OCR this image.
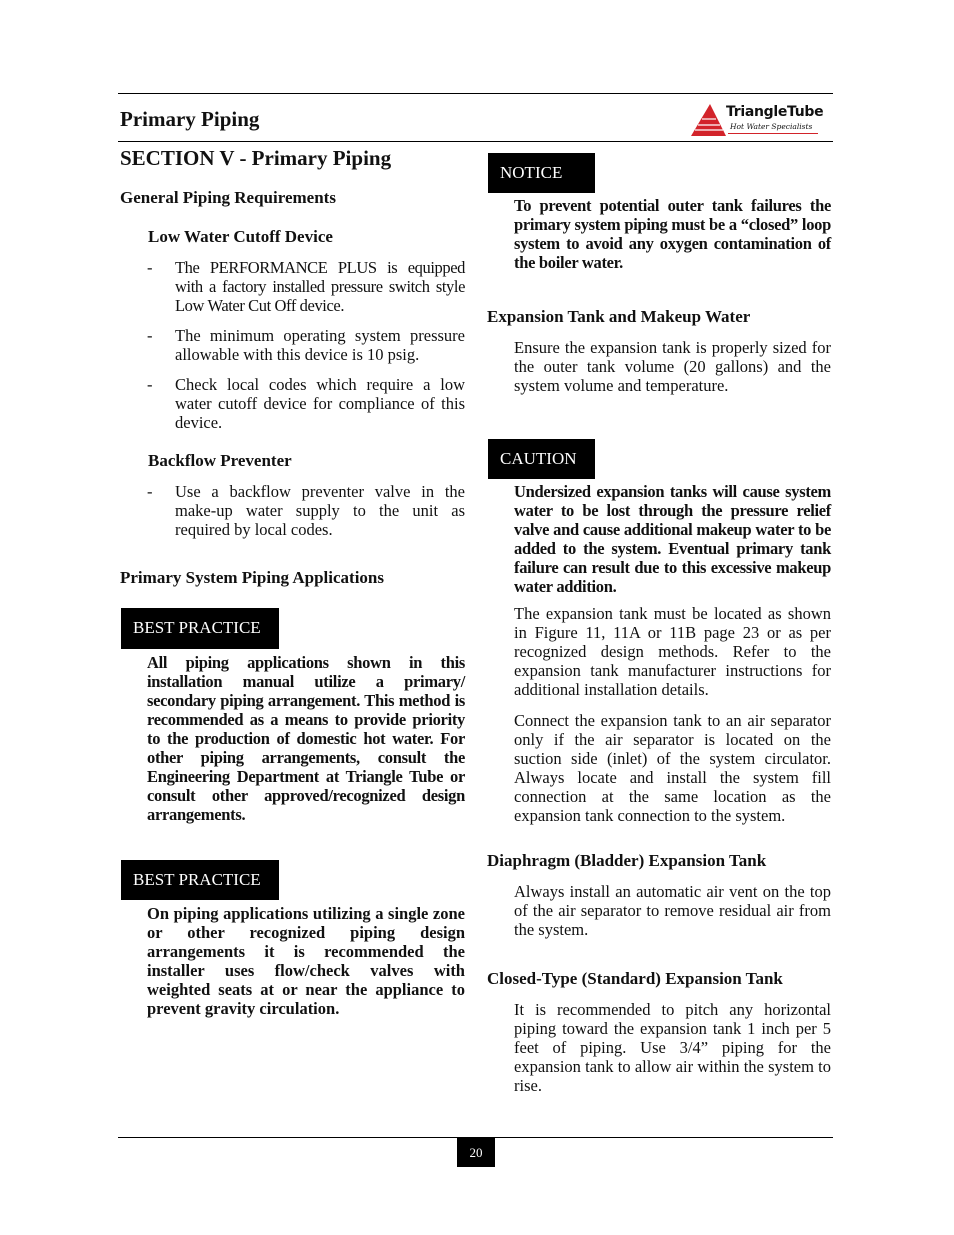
Primary Piping	TriangleTube
Hot Water Specialists
SECTION V - Primary Piping
General Piping Requirements
Low Water Cutoff Device
- The PERFORMANCE PLUS is equipped with a factory installed pressure switch style Low Water Cut Off device.
- The minimum operating system pressure allowable with this device is 10 psig.
- Check local codes which require a low water cutoff device for compliance of this device.
Backflow Preventer
- Use a backflow preventer valve in the make-up water supply to the unit as required by local codes.
Primary System Piping Applications
BEST PRACTICE
All piping applications shown in this installation manual utilize a primary/ secondary piping arrangement. This method is recommended as a means to provide priority to the production of domestic hot water. For other piping arrangements, consult the Engineering Department at Triangle Tube or consult other approved/recognized design arrangements.
BEST PRACTICE
On piping applications utilizing a single zone or other recognized piping design arrangements it is recommended the installer uses flow/check valves with weighted seats at or near the appliance to prevent gravity circulation.
NOTICE
To prevent potential outer tank failures the primary system piping must be a “closed” loop system to avoid any oxygen contamination of the boiler water.
Expansion Tank and Makeup Water
Ensure the expansion tank is properly sized for the outer tank volume (20 gallons) and the system volume and temperature.
CAUTION
Undersized expansion tanks will cause system water to be lost through the pressure relief valve and cause additional makeup water to be added to the system. Eventual primary tank failure can result due to this excessive makeup water addition.
The expansion tank must be located as shown in Figure 11, 11A or 11B page 23 or as per recognized design methods. Refer to the expansion tank manufacturer instructions for additional installation details.
Connect the expansion tank to an air separator only if the air separator is located on the suction side (inlet) of the system circulator. Always locate and install the system fill connection at the same location as the expansion tank connection to the system.
Diaphragm (Bladder) Expansion Tank
Always install an automatic air vent on the top of the air separator to remove residual air from the system.
Closed-Type (Standard) Expansion Tank
It is recommended to pitch any horizontal piping toward the expansion tank 1 inch per 5 feet of piping. Use 3/4” piping for the expansion tank to allow air within the system to rise.
20
